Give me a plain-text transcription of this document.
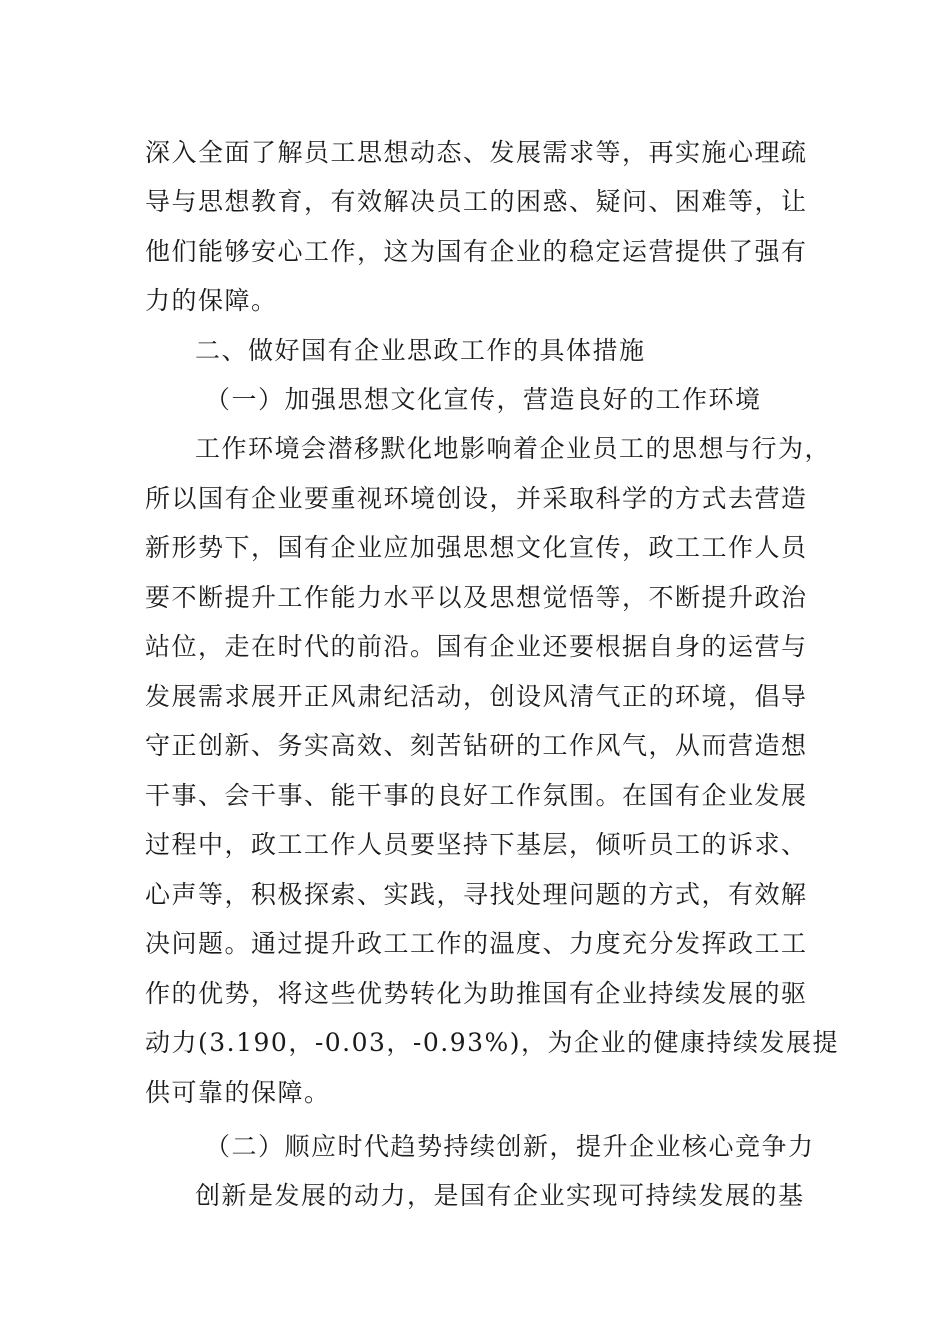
深入全面了解员工思想动态、发展需求等，再实施心理疏
导与思想教育，有效解决员工的困惑、疑问、困难等，让
他们能够安心工作，这为国有企业的稳定运营提供了强有
力的保障。
二、做好国有企业思政工作的具体措施
（一）加强思想文化宣传，营造良好的工作环境
工作环境会潜移默化地影响着企业员工的思想与行为，
所以国有企业要重视环境创设，并采取科学的方式去营造
新形势下，国有企业应加强思想文化宣传，政工工作人员
要不断提升工作能力水平以及思想觉悟等，不断提升政治
站位，走在时代的前沿。国有企业还要根据自身的运营与
发展需求展开正风肃纪活动，创设风清气正的环境，倡导
守正创新、务实高效、刻苦钻研的工作风气，从而营造想
干事、会干事、能干事的良好工作氛围。在国有企业发展
过程中，政工工作人员要坚持下基层，倾听员工的诉求、
心声等，积极探索、实践，寻找处理问题的方式，有效解
决问题。通过提升政工工作的温度、力度充分发挥政工工
作的优势，将这些优势转化为助推国有企业持续发展的驱
动力(3.190，-0.03，-0.93%)，为企业的健康持续发展提
供可靠的保障。
（二）顺应时代趋势持续创新，提升企业核心竞争力
创新是发展的动力，是国有企业实现可持续发展的基
